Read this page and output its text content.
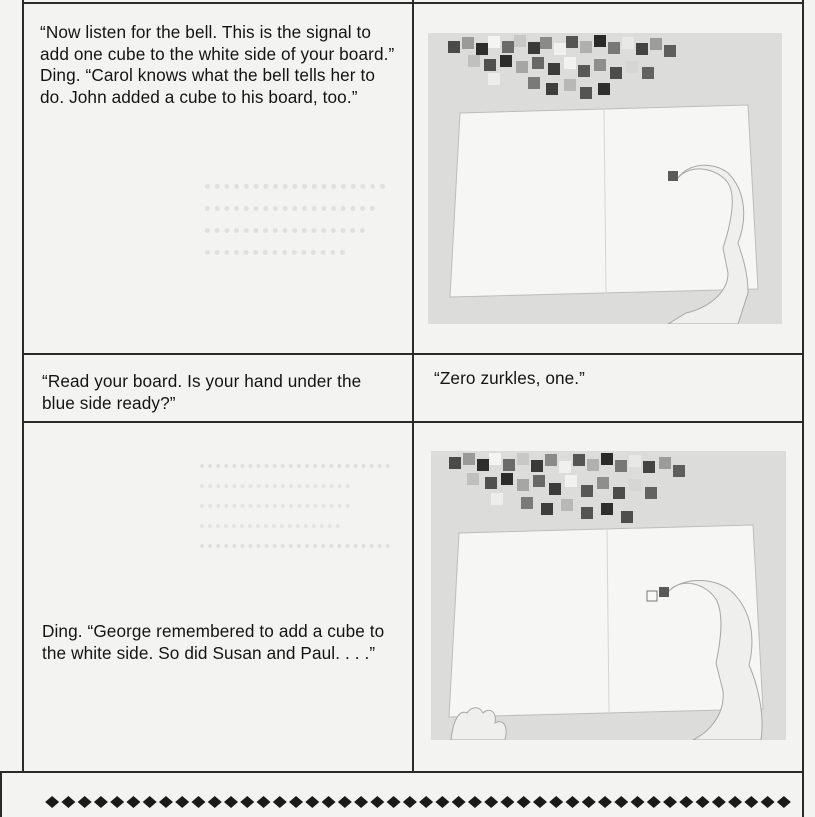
“Now listen for the bell. This is the signal to add one cube to the white side of your board.” Ding. “Carol knows what the bell tells her to do. John added a cube to his board, too.”
“Read your board. Is your hand under the blue side ready?”
“Zero zurkles, one.”
Ding. “George remembered to add a cube to the white side. So did Susan and Paul. . . .”
